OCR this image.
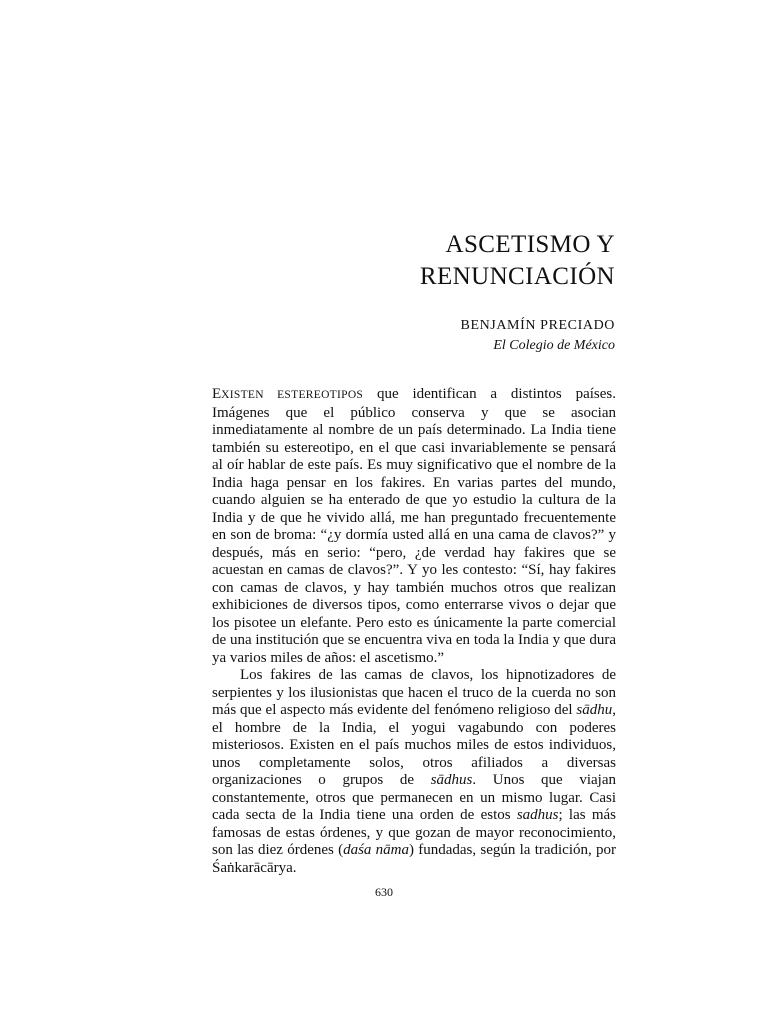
ASCETISMO Y
RENUNCIACIÓN
BENJAMÍN PRECIADO
El Colegio de México

EXISTEN ESTEREOTIPOS que identifican a distintos países. Imágenes que el público conserva y que se asocian inmediatamente al nombre de un país determinado. La India tiene también su estereotipo, en el que casi invariablemente se pensará al oír hablar de este país. Es muy significativo que el nombre de la India haga pensar en los fakires. En varias partes del mundo, cuando alguien se ha enterado de que yo estudio la cultura de la India y de que he vivido allá, me han preguntado frecuentemente en son de broma: “¿y dormía usted allá en una cama de clavos?” y después, más en serio: “pero, ¿de verdad hay fakires que se acuestan en camas de clavos?”. Y yo les contesto: “Sí, hay fakires con camas de clavos, y hay también muchos otros que realizan exhibiciones de diversos tipos, como enterrarse vivos o dejar que los pisotee un elefante. Pero esto es únicamente la parte comercial de una institución que se encuentra viva en toda la India y que dura ya varios miles de años: el ascetismo.”

Los fakires de las camas de clavos, los hipnotizadores de serpientes y los ilusionistas que hacen el truco de la cuerda no son más que el aspecto más evidente del fenómeno religioso del sādhu, el hombre de la India, el yogui vagabundo con poderes misteriosos. Existen en el país muchos miles de estos individuos, unos completamente solos, otros afiliados a diversas organizaciones o grupos de sādhus. Unos que viajan constantemente, otros que permanecen en un mismo lugar. Casi cada secta de la India tiene una orden de estos sadhus; las más famosas de estas órdenes, y que gozan de mayor reconocimiento, son las diez órdenes (daśa nāma) fundadas, según la tradición, por Śaṅkarācārya.

630
